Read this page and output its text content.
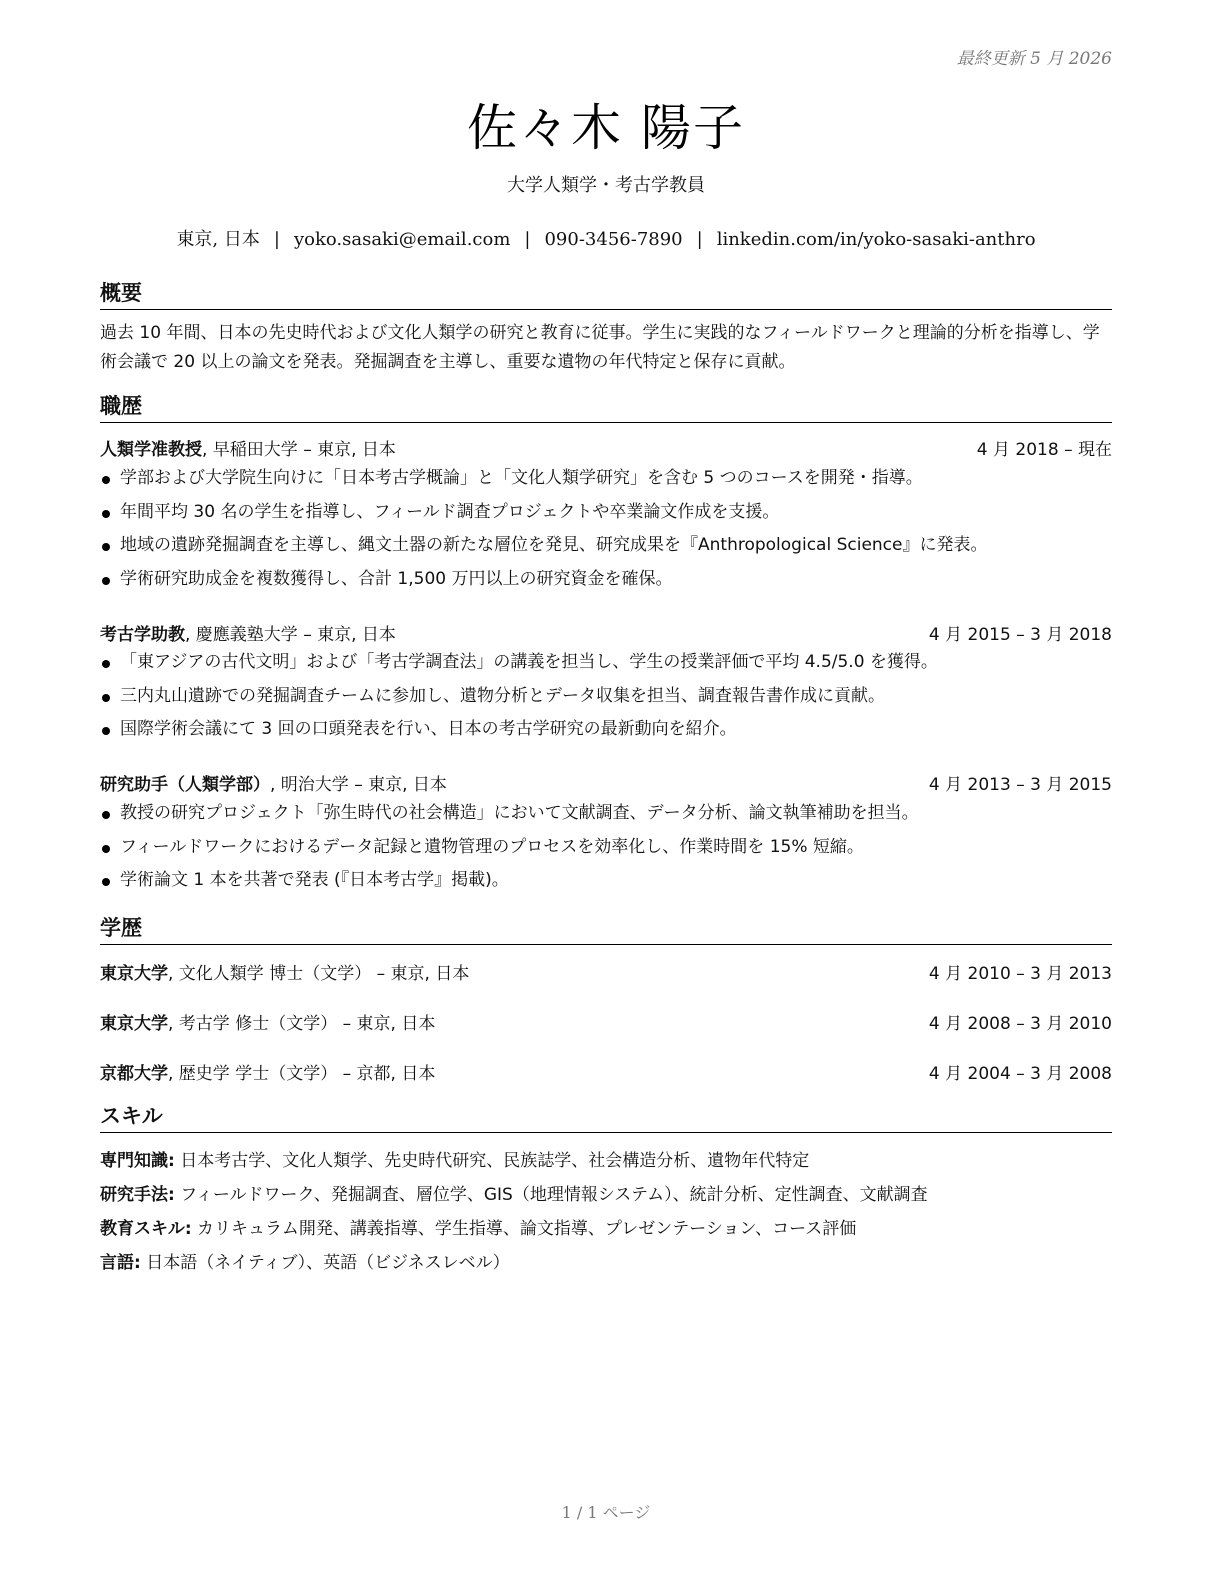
最終更新 5 月 2026
佐々木 陽子
大学人類学・考古学教員
東京, 日本 | yoko.sasaki@email.com | 090-3456-7890 | linkedin.com/in/yoko-sasaki-anthro
概要
過去 10 年間、日本の先史時代および文化人類学の研究と教育に従事。学生に実践的なフィールドワークと理論的分析を指導し、学術会議で 20 以上の論文を発表。発掘調査を主導し、重要な遺物の年代特定と保存に貢献。
職歴
人類学准教授, 早稲田大学 – 東京, 日本	4 月 2018 – 現在
学部および大学院生向けに「日本考古学概論」と「文化人類学研究」を含む 5 つのコースを開発・指導。
年間平均 30 名の学生を指導し、フィールド調査プロジェクトや卒業論文作成を支援。
地域の遺跡発掘調査を主導し、縄文土器の新たな層位を発見、研究成果を『Anthropological Science』に発表。
学術研究助成金を複数獲得し、合計 1,500 万円以上の研究資金を確保。
考古学助教, 慶應義塾大学 – 東京, 日本	4 月 2015 – 3 月 2018
「東アジアの古代文明」および「考古学調査法」の講義を担当し、学生の授業評価で平均 4.5/5.0 を獲得。
三内丸山遺跡での発掘調査チームに参加し、遺物分析とデータ収集を担当、調査報告書作成に貢献。
国際学術会議にて 3 回の口頭発表を行い、日本の考古学研究の最新動向を紹介。
研究助手（人類学部）, 明治大学 – 東京, 日本	4 月 2013 – 3 月 2015
教授の研究プロジェクト「弥生時代の社会構造」において文献調査、データ分析、論文執筆補助を担当。
フィールドワークにおけるデータ記録と遺物管理のプロセスを効率化し、作業時間を 15% 短縮。
学術論文 1 本を共著で発表 (『日本考古学』掲載)。
学歴
東京大学, 文化人類学 博士（文学） – 東京, 日本	4 月 2010 – 3 月 2013
東京大学, 考古学 修士（文学） – 東京, 日本	4 月 2008 – 3 月 2010
京都大学, 歴史学 学士（文学） – 京都, 日本	4 月 2004 – 3 月 2008
スキル
専門知識: 日本考古学、文化人類学、先史時代研究、民族誌学、社会構造分析、遺物年代特定
研究手法: フィールドワーク、発掘調査、層位学、GIS（地理情報システム）、統計分析、定性調査、文献調査
教育スキル: カリキュラム開発、講義指導、学生指導、論文指導、プレゼンテーション、コース評価
言語: 日本語（ネイティブ）、英語（ビジネスレベル）
1 / 1 ページ
